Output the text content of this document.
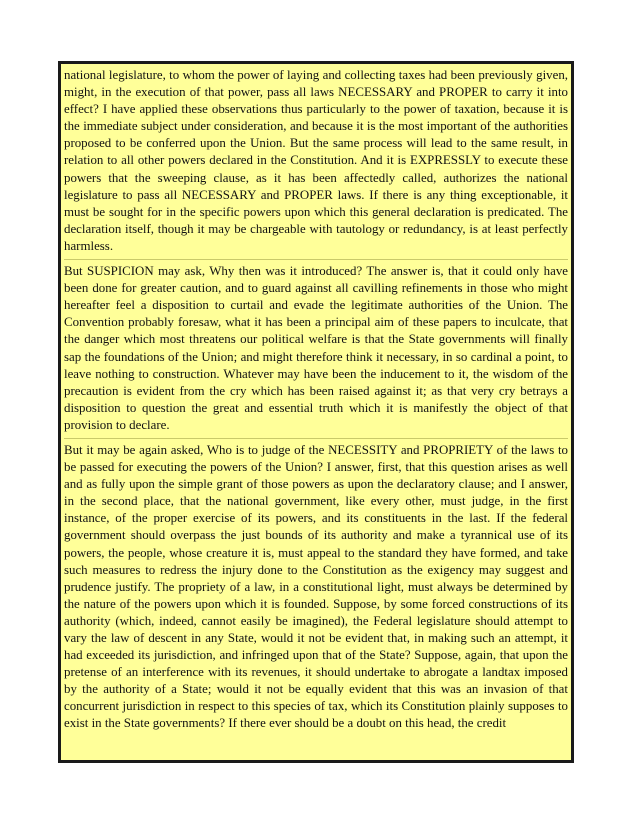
national legislature, to whom the power of laying and collecting taxes had been previously given, might, in the execution of that power, pass all laws NECESSARY and PROPER to carry it into effect? I have applied these observations thus particularly to the power of taxation, because it is the immediate subject under consideration, and because it is the most important of the authorities proposed to be conferred upon the Union. But the same process will lead to the same result, in relation to all other powers declared in the Constitution. And it is EXPRESSLY to execute these powers that the sweeping clause, as it has been affectedly called, authorizes the national legislature to pass all NECESSARY and PROPER laws. If there is any thing exceptionable, it must be sought for in the specific powers upon which this general declaration is predicated. The declaration itself, though it may be chargeable with tautology or redundancy, is at least perfectly harmless.

But SUSPICION may ask, Why then was it introduced? The answer is, that it could only have been done for greater caution, and to guard against all cavilling refinements in those who might hereafter feel a disposition to curtail and evade the legitimate authorities of the Union. The Convention probably foresaw, what it has been a principal aim of these papers to inculcate, that the danger which most threatens our political welfare is that the State governments will finally sap the foundations of the Union; and might therefore think it necessary, in so cardinal a point, to leave nothing to construction. Whatever may have been the inducement to it, the wisdom of the precaution is evident from the cry which has been raised against it; as that very cry betrays a disposition to question the great and essential truth which it is manifestly the object of that provision to declare.

But it may be again asked, Who is to judge of the NECESSITY and PROPRIETY of the laws to be passed for executing the powers of the Union? I answer, first, that this question arises as well and as fully upon the simple grant of those powers as upon the declaratory clause; and I answer, in the second place, that the national government, like every other, must judge, in the first instance, of the proper exercise of its powers, and its constituents in the last. If the federal government should overpass the just bounds of its authority and make a tyrannical use of its powers, the people, whose creature it is, must appeal to the standard they have formed, and take such measures to redress the injury done to the Constitution as the exigency may suggest and prudence justify. The propriety of a law, in a constitutional light, must always be determined by the nature of the powers upon which it is founded. Suppose, by some forced constructions of its authority (which, indeed, cannot easily be imagined), the Federal legislature should attempt to vary the law of descent in any State, would it not be evident that, in making such an attempt, it had exceeded its jurisdiction, and infringed upon that of the State? Suppose, again, that upon the pretense of an interference with its revenues, it should undertake to abrogate a landtax imposed by the authority of a State; would it not be equally evident that this was an invasion of that concurrent jurisdiction in respect to this species of tax, which its Constitution plainly supposes to exist in the State governments? If there ever should be a doubt on this head, the credit
